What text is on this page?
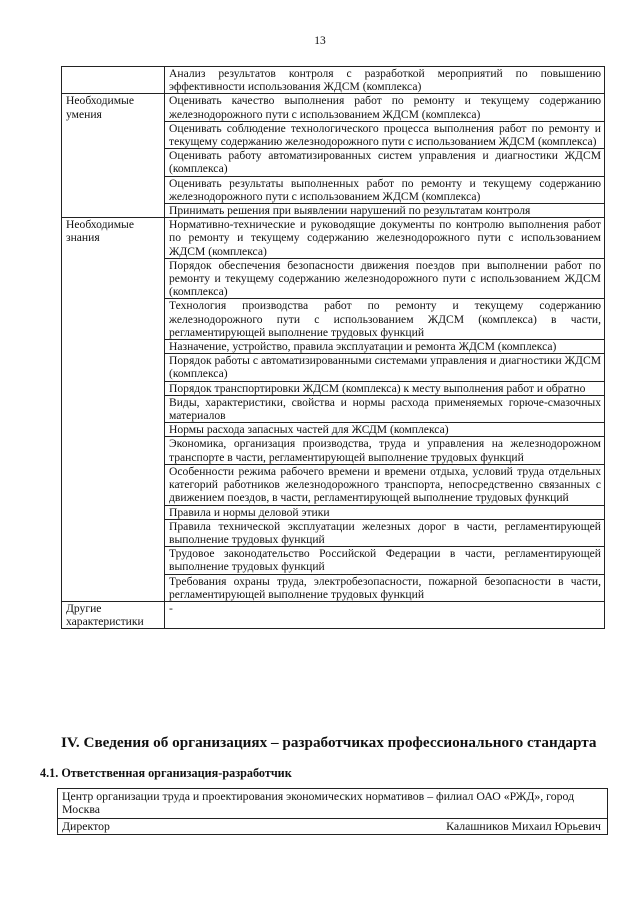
13
	Анализ результатов контроля с разработкой мероприятий по повышению эффективности использования ЖДСМ (комплекса)
Необходимые умения	Оценивать качество выполнения работ по ремонту и текущему содержанию железнодорожного пути с использованием ЖДСМ (комплекса)
	Оценивать соблюдение технологического процесса выполнения работ по ремонту и текущему содержанию железнодорожного пути с использованием ЖДСМ (комплекса)
	Оценивать работу автоматизированных систем управления и диагностики ЖДСМ (комплекса)
	Оценивать результаты выполненных работ по ремонту и текущему содержанию железнодорожного пути с использованием ЖДСМ (комплекса)
	Принимать решения при выявлении нарушений по результатам контроля
Необходимые знания	Нормативно-технические и руководящие документы по контролю выполнения работ по ремонту и текущему содержанию железнодорожного пути с использованием ЖДСМ (комплекса)
	Порядок обеспечения безопасности движения поездов при выполнении работ по ремонту и текущему содержанию железнодорожного пути с использованием ЖДСМ (комплекса)
	Технология производства работ по ремонту и текущему содержанию железнодорожного пути с использованием ЖДСМ (комплекса) в части, регламентирующей выполнение трудовых функций
	Назначение, устройство, правила эксплуатации и ремонта ЖДСМ (комплекса)
	Порядок работы с автоматизированными системами управления и диагностики ЖДСМ (комплекса)
	Порядок транспортировки ЖДСМ (комплекса) к месту выполнения работ и обратно
	Виды, характеристики, свойства и нормы расхода применяемых горюче-смазочных материалов
	Нормы расхода запасных частей для ЖСДМ (комплекса)
	Экономика, организация производства, труда и управления на железнодорожном транспорте в части, регламентирующей выполнение трудовых функций
	Особенности режима рабочего времени и времени отдыха, условий труда отдельных категорий работников железнодорожного транспорта, непосредственно связанных с движением поездов, в части, регламентирующей выполнение трудовых функций
	Правила и нормы деловой этики
	Правила технической эксплуатации железных дорог в части, регламентирующей выполнение трудовых функций
	Трудовое законодательство Российской Федерации в части, регламентирующей выполнение трудовых функций
	Требования охраны труда, электробезопасности, пожарной безопасности в части, регламентирующей выполнение трудовых функций
Другие характеристики	-
IV. Сведения об организациях – разработчиках профессионального стандарта
4.1. Ответственная организация-разработчик
Центр организации труда и проектирования экономических нормативов – филиал ОАО «РЖД», город Москва

Директор	Калашников Михаил Юрьевич
